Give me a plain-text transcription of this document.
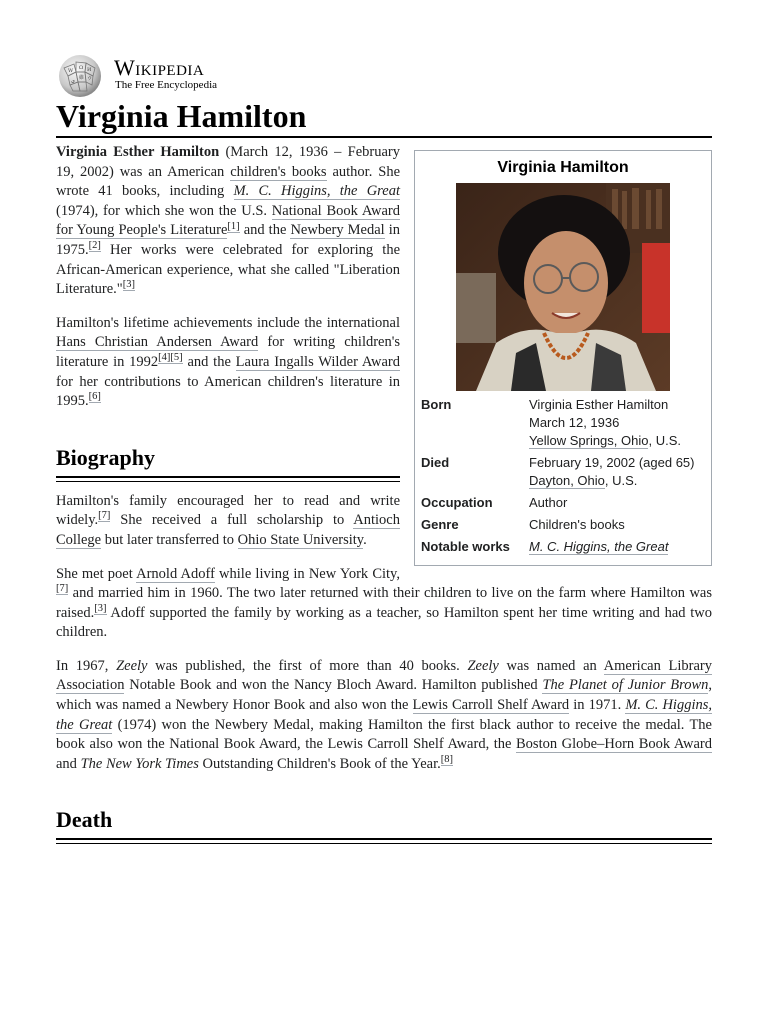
W Ω И
維
ي ウ Wikipedia
The Free Encyclopedia
Virginia Hamilton
Virginia Hamilton
Born	Virginia Esther Hamilton
March 12, 1936
Yellow Springs, Ohio, U.S.
Died	February 19, 2002 (aged 65)
Dayton, Ohio, U.S.
Occupation	Author
Genre	Children's books
Notable works	M. C. Higgins, the Great

Virginia Esther Hamilton (March 12, 1936 – February 19, 2002) was an American children's books author. She wrote 41 books, including M. C. Higgins, the Great (1974), for which she won the U.S. National Book Award for Young People's Literature[1] and the Newbery Medal in 1975.[2] Her works were celebrated for exploring the African-American experience, what she called "Liberation Literature."[3]

Hamilton's lifetime achievements include the international Hans Christian Andersen Award for writing children's literature in 1992[4][5] and the Laura Ingalls Wilder Award for her contributions to American children's literature in 1995.[6]

Biography

Hamilton's family encouraged her to read and write widely.[7] She received a full scholarship to Antioch College but later transferred to Ohio State University.

She met poet Arnold Adoff while living in New York City,[7] and married him in 1960. The two later returned with their children to live on the farm where Hamilton was raised.[3] Adoff supported the family by working as a teacher, so Hamilton spent her time writing and had two children.

In 1967, Zeely was published, the first of more than 40 books. Zeely was named an American Library Association Notable Book and won the Nancy Bloch Award. Hamilton published The Planet of Junior Brown, which was named a Newbery Honor Book and also won the Lewis Carroll Shelf Award in 1971. M. C. Higgins, the Great (1974) won the Newbery Medal, making Hamilton the first black author to receive the medal. The book also won the National Book Award, the Lewis Carroll Shelf Award, the Boston Globe–Horn Book Award and The New York Times Outstanding Children's Book of the Year.[8]

Death
